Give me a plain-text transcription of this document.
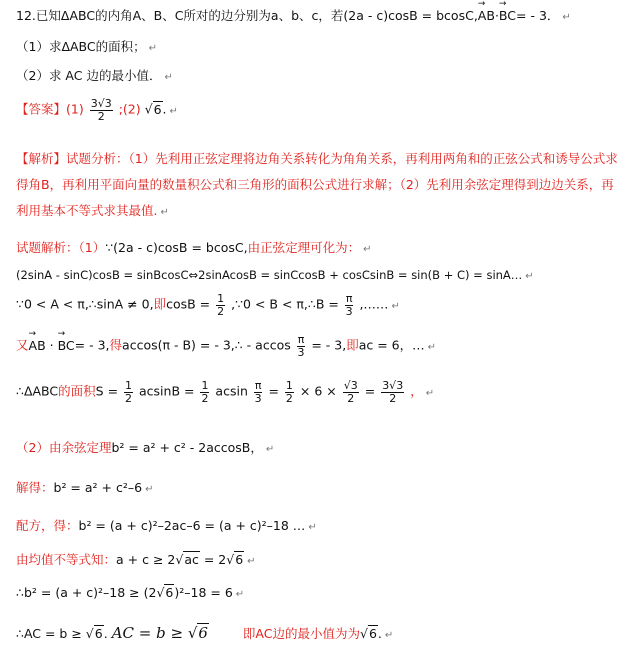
12.已知ΔABC的内角A、B、C所对的边分别为a、b、c，若(2a - c)cosB = bcosC,→ AB·→ BC= - 3． ↵
（1）求ΔABC的面积； ↵
（2）求 AC 边的最小值． ↵
【答案】$(1) \frac{3√3}{2}$ ;(2) √6. ↵
【解析】试题分析：（1）先利用正弦定理将边角关系转化为角角关系，再利用两角和的正弦公式和诱导公式求得角B，再利用平面向量的数量积公式和三角形的面积公式进行求解；（2）先利用余弦定理得到边边关系，再利用基本不等式求其最值. ↵
试题解析：（1）∵(2a - c)cosB = bcosC,由正弦定理可化为： ↵
(2sinA - sinC)cosB = sinBcosC⇔2sinAcosB = sinCcosB + cosCsinB = sin(B + C) = sinA… ↵
∵0 < A < π,∴sinA ≠ 0,即$\cos B = \frac{1}{2}$ ,∵0 < B < π,∴B = $\frac{\pi}{3}$ ,…… ↵
又→ AB · → BC= - 3,得accos(π - B) = - 3,∴ - accos $\frac{\pi}{3}$ = - 3,即ac = 6，… ↵
∴ΔABC的面积$S = \frac{1}{2}$ $acsinB = \frac{1}{2}$ acsin $\frac{\pi}{3} = \frac{1}{2} \times 6 \times \frac{√3}{2} = \frac{3√3}{2}$ ， ↵
（2）由余弦定理b² = a² + c² - 2accosB， ↵
解得：b² = a² + c²–6 ↵
配方，得：b² = (a + c)²–2ac–6 = (a + c)²–18 … ↵
由均值不等式知：a + c ≥ 2√ac = 2√6 ↵
∴b² = (a + c)²–18 ≥ (2√6)²–18 = 6 ↵
∴AC = b ≥ √6. AC = b ≥ √6	即AC边的最小值为为√6. ↵
